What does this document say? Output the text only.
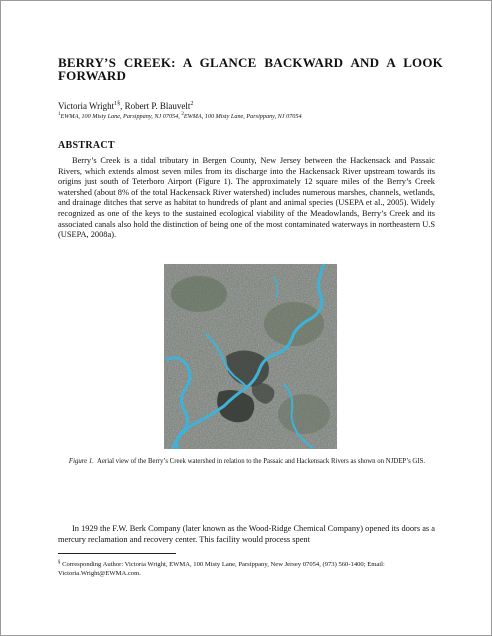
BERRY’S CREEK: A GLANCE BACKWARD AND A LOOK
FORWARD
Victoria Wright$^{1\S}$, Robert P. Blauvelt$^2$
$^1$EWMA, 100 Misty Lane, Parsippany, NJ 07054, $^2$EWMA, 100 Misty Lane, Parsippany, NJ 07054
ABSTRACT
Berry’s Creek is a tidal tributary in Bergen County, New Jersey between the Hackensack and Passaic Rivers, which extends almost seven miles from its discharge into the Hackensack River upstream towards its origins just south of Teterboro Airport (Figure 1). The approximately 12 square miles of the Berry’s Creek watershed (about 8% of the total Hackensack River watershed) includes numerous marshes, channels, wetlands, and drainage ditches that serve as habitat to hundreds of plant and animal species (USEPA et al., 2005). Widely recognized as one of the keys to the sustained ecological viability of the Meadowlands, Berry’s Creek and its associated canals also hold the distinction of being one of the most contaminated waterways in northeastern U.S (USEPA, 2008a).
Figure 1. Aerial view of the Berry’s Creek watershed in relation to the Passaic and Hackensack Rivers as shown on NJDEP’s GIS.
In 1929 the F.W. Berk Company (later known as the Wood-Ridge Chemical Company) opened its doors as a mercury reclamation and recovery center. This facility would process spent
§ Corresponding Author: Victoria Wright, EWMA, 100 Misty Lane, Parsippany, New Jersey 07054, (973) 560-1400; Email: Victoria.Wright@EWMA.com.
